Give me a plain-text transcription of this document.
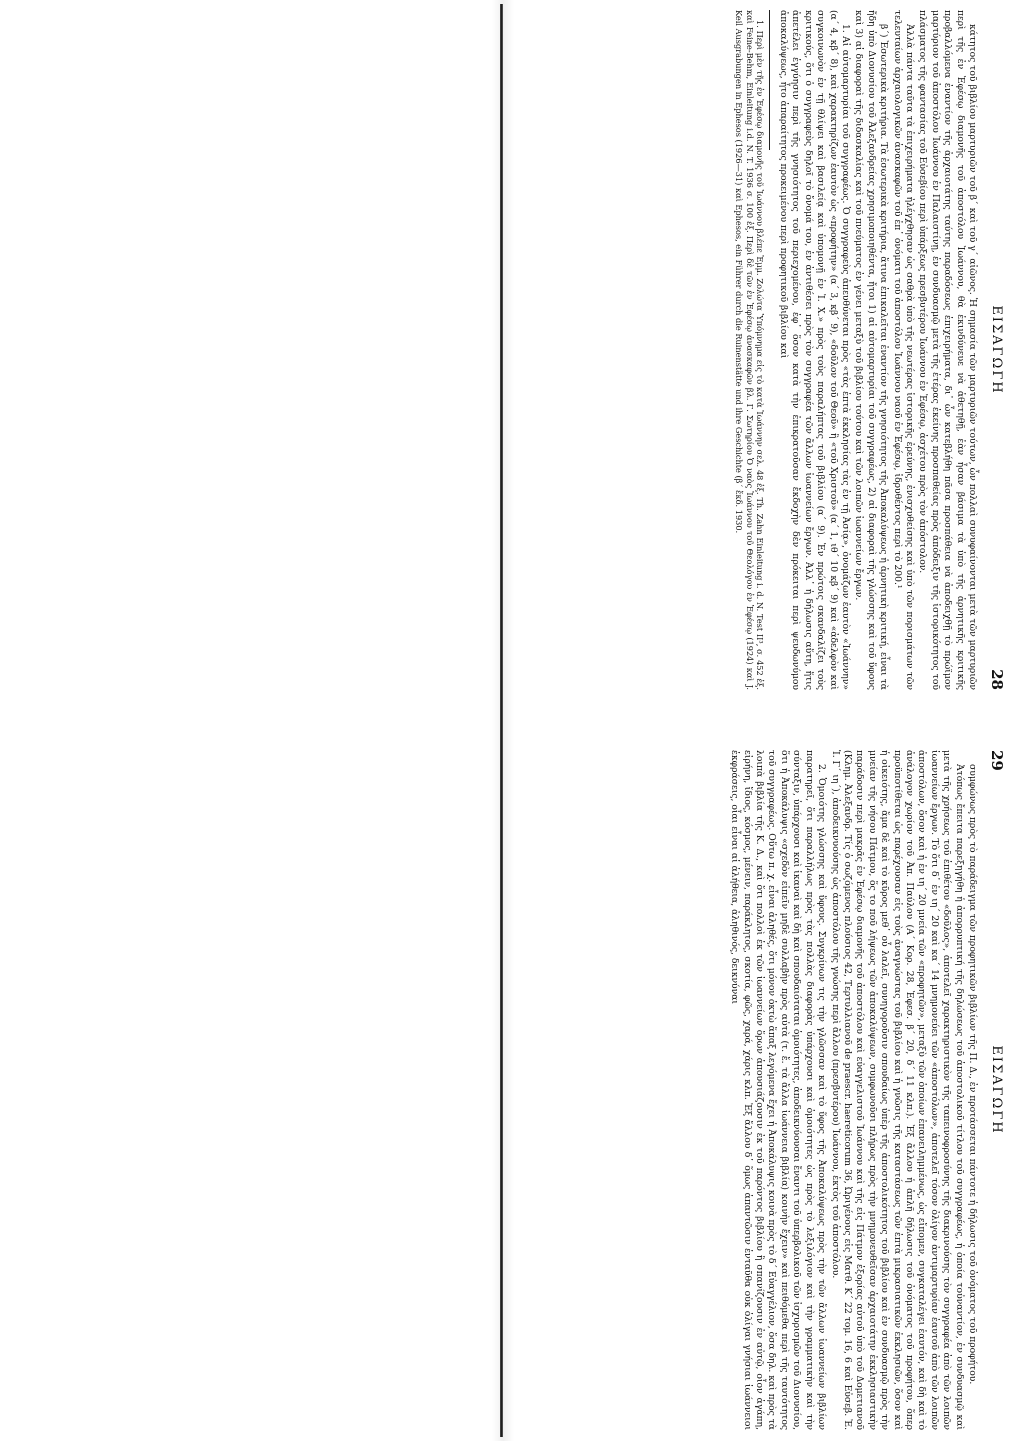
ΕΙΣΑΓΩΓΗ
28

κάτητος τοῦ βιβλίου μαρτυριῶν τοῦ β΄ καὶ τοῦ γ΄ αἰῶνος. Ἡ σημασία τῶν μαρτυριῶν τούτων, ὧν πολλαὶ συνυφαίνονται μετὰ τῶν μαρτυριῶν περὶ τῆς ἐν Ἐφέσῳ διαμονῆς τοῦ ἀποστόλου Ἰωάννου, θὰ ἐκινδύνευε νὰ ἀθετηθῇ, ἐὰν ἦσαν βάσιμα τὰ ὑπὸ τῆς ἀρνητικῆς κριτικῆς προβαλλόμενα ἐναντίον τῆς ἀρχαιοτάτης ταύτης παραδόσεως ἐπιχειρήματα, δι᾽ ὧν κατεβλήθη πᾶσα προσπάθεια νὰ ἀποδειχθῇ τὸ πρώϊμον μαρτύριον τοῦ ἀποστόλου Ἰωάννου ἐν Παλαιστίνῃ, ἐν συνδυασμῷ μετὰ τῆς ἑτέρας ἐκείνης προσπαθείας πρὸς ἀπόδειξιν τῆς ἱστορικότητος τοῦ πλάσματος τῆς φαντασίας τοῦ Εὐσεβίου περὶ ὑπάρξεως πρεσβυτέρου Ἰωάννου ἐν Ἐφέσῳ, ἀσχέτου πρὸς τὸν ἀπόστολον.

Ἀλλὰ πάντα ταῦτα τὰ ἐπιχειρήματα ἠλέγχθησαν ὡς σαθρὰ ὑπὸ τῆς νεωτέρας ἱστορικῆς ἐρεύνης, ἐνισχυθείσης καὶ ὑπὸ τῶν πορισμάτων τῶν τελευταίων ἀρχαιολογικῶν ἀνασκαφῶν τοῦ ἐπ᾽ ὀνόματι τοῦ ἀποστόλου Ἰωάννου ναοῦ ἐν Ἐφέσῳ, ἱδρυθέντος περὶ τὸ 200.¹

β΄) Ἐσωτερικὰ κριτήρια. Τὰ ἐσωτερικὰ κριτήρια, ἅτινα ἐπικαλεῖται ἐναντίον τῆς γνησιότητος τῆς Ἀποκαλύψεως ἡ ἀρνητικὴ κριτική, εἶναι τὰ ἤδη ὑπὸ Διονυσίου τοῦ Ἀλεξανδρείας χρησιμοποιηθέντα, ἤτοι 1) αἱ αὐτομαρτυρίαι τοῦ συγγραφέως, 2) αἱ διαφοραὶ τῆς γλώσσης καὶ τοῦ ὕφους καὶ 3) αἱ διαφοραὶ τῆς διδασκαλίας καὶ τοῦ πνεύματος ἐν γένει μεταξὺ τοῦ βιβλίου τούτου καὶ τῶν λοιπῶν ἰωαννείων ἔργων.

1. Αἱ αὐτομαρτυρίαι τοῦ συγγραφέως. Ὁ συγγραφεὺς ἀπευθύνεται πρὸς «τὰς ἑπτὰ ἐκκλησίας τὰς ἐν τῇ Ἀσίᾳ», ὀνομάζων ἑαυτὸν «Ἰωάννην» (α΄ 4, κβ΄ 8), καὶ χαρακτηρίζων ἑαυτὸν ὡς «προφήτην» (α΄ 3, κβ΄ 9), «δοῦλον τοῦ Θεοῦ» ἢ «τοῦ Χριστοῦ» (α΄ 1, ιθ΄ 10 κβ΄ 9) καὶ «ἀδελφὸν καὶ συγκοινωνὸν ἐν τῇ θλίψει καὶ βασιλείᾳ καὶ ὑπομονῇ ἐν Ἰ. Χ.» πρὸς τοὺς παραλήπτας τοῦ βιβλίου (α΄ 9). Ἐν πρώτοις σκανδαλίζει τοὺς κριτικούς, ὅτι ὁ συγγραφεὺς δηλοῖ τὸ ὄνομά του, ἐν ἀντιθέσει πρὸς τὸν συγγραφέα τῶν ἄλλων ἰωαννείων ἔργων. Ἀλλ᾽ ἡ δήλωσις αὕτη, ἥτις ἀπετέλει ἐγγύησιν περὶ τῆς γνησιότητος τοῦ περιεχομένου, ἐφ᾽ ὅσον κατὰ τὴν ἐπικρατοῦσαν ἔκδοχὴν δὲν πρόκειται περὶ ψευδωνύμου ἀποκαλύψεως, ἦτο ἀπαραίτητος προκειμένου περὶ προφητικοῦ βιβλίου καὶ

1. Περὶ μὲν τῆς ἐν Ἐφέσῳ διαμονῆς τοῦ Ἰωάννου βλέπε Ἐμμ. Ζολώτα Ὑπόμνημα εἰς τὸ κατὰ Ἰωάννην σελ. 48 ἑξ. Th. Zahn Einleitung i. d. N. Test II³, σ. 452 ἑξ. καὶ Feine-Behm, Einleitung i.d. N. T. 1936 σ. 100 ἑξ. Περὶ δὲ τῶν ἐν Ἐφέσῳ ἀνασκαφῶν βλ. Γ. Σωτηρίου Ὁ ναὸς Ἰωάννου τοῦ Θεολόγου ἐν Ἐφέσῳ (1924) καὶ J. Keil Ausgrabungen in Ephesos (1926—31) καὶ Ephesos, ein Führer durch die Ruinenstätte und ihre Geschichte (β΄ ἔκδ. 1930.

29
ΕΙΣΑΓΩΓΗ

συμφώνως πρὸς τὸ παράδειγμα τῶν προφητικῶν βιβλίων τῆς Π. Δ., ἐν προτάσσεται πάντοτε ἡ δήλωσις τοῦ ὀνόματος τοῦ προφήτου.

Ἀτόπως ἔπειτα παρεξηγήθη ἡ ἀπορρυπτική τῆς δηλώσεως τοῦ ἀποστολικοῦ τίτλου τοῦ συγγραφέως, ἡ ὁποία τοὐναντίον, ἐν συνδυασμῷ καὶ μετὰ τῆς χρήσεως τοῦ ἐπιθέτου «δοῦλος», ἀποτελεῖ χαρακτηριστικὸν τῆς ταπεινοφροσύνης τῆς διακρινούσης τὸν συγγραφέα ἀπὸ τῶν λοιπῶν ἰωαννείων ἔργων. Τὸ ὅτι δ᾽ ἐν ιη΄ 20 καὶ κα΄ 14 μνημονεύει τῶν «ἀποστόλων», ἀποτελεῖ τόσον ὀλίγον ἀντιμαρτυρίαν ἑαυτοῦ ἀπὸ τῶν λοιπῶν ἀποστόλων, ὅσον καὶ ἡ ἐν ιη΄ 20 μνεία τῶν «προφητῶν», μεταξὺ τῶν ὁποίων ἐπανειλημμένως, ὡς εἴπομεν, συγκαταλέγει ἑαυτόν, καὶ δὴ καὶ τὸ ἀνάλογον χωρίον τοῦ Ἀπ. Παύλου (Α΄ Κορ. 28, Ἐφεσ. β΄ 20, δ΄ 11 κλπ.). Ἐξ ἄλλου ἡ ἁπλῆ δήλωσις τοῦ ὀνόματος τοῦ προφήτου, ὅπερ προϋποτίθεται ὡς παρέχουσαν εἰς τοὺς ἀναγνώστας τοῦ βιβλίου καὶ ἡ γνῶσις τῆς καταστάσεως τῶν ἑπτὰ μικρασιατικῶν ἐκκλησιῶν, ὅσον καὶ ἡ οἰκειότης, ἅμα δὲ καὶ τὸ κῦρος μεθ᾽ οὗ λαλεῖ, συνηγοροῦσιν σπουδαίως ὑπὲρ τῆς ἀποστολικότητος τοῦ βιβλίου καὶ ἐν συνδυασμῷ πρὸς τὴν μνείαν τῆς νήσου Πάτμου, ὅς το ποῦ λήψεως τῶν ἀποκαλύψεων, συμφωνοῦσι πλήρως πρὸς τὴν μνημονευθεῖσαν ἀρχαιοτάτην ἐκκλησιαστικὴν παράδοσιν περὶ μακρᾶς ἐν Ἐφέσῳ διαμονῆς τοῦ ἀποστόλου καὶ εὐαγγελιστοῦ Ἰωάννου καὶ τῆς εἰς Πάτμον ἐξορίας αὐτοῦ ὑπὸ τοῦ Δομετιανοῦ (Κλημ. Ἀλεξανδρ. Τίς ὁ σωζόμενος πλούσιος 42, Τερτυλλιανοῦ de praescr. haereticorum 36, Ὠριγένους εἰς Ματθ. Κ΄ 22 τομ. 16, 6 καὶ Εὐσεβ. Ἐ. Ἱ. Γ΄ ιη΄), ἀποδεικνυούσης ὡς ἀποστόλου τῆς γνώσης περὶ ἄλλου (πρεσβυτέρου) Ἰωάννου, ἐκτὸς τοῦ ἀποστόλου.

2. Ὁμοιότης γλώσσης καὶ ὕφους. Συγκρίνων τις τὴν γλῶσσαν καὶ τὸ ὕφος τῆς Ἀποκαλύψεως πρὸς τὴν τῶν ἄλλων ἰωαννείων βιβλίων παρατηρεῖ, ὅτι παραλλήλως πρὸς τὰς πολλὰς διαφορὰς ὑπάρχουσι καὶ ὁμοιότητες ὡς πρὸς τὸ λεξιλόγιον καὶ τὴν γραμματικὴν καὶ τὴν σύνταξιν, ὑπάρχουσι καὶ ἱκαναὶ καὶ δὴ καὶ σπουδαιόταται ὁμοιότητες, ἀποδεικνύουσαι ἔναντι τοῦ ὑπερβολικοῦ τῶν ἰσχυρισμῶν τοῦ Διονυσίου, ὅτι ἡ Ἀποκάλυψις «σχεδὸν εἰπεῖν μηδὲ συλλαβὴν πρὸς αὐτὰ (τ. ἔ. τὰ ἄλλα ἰωάννεια βιβλία) κοινὴν ἔχειν» καὶ πειθόμεθα περὶ τῆς ταυτότητος τοῦ συγγραφέως. Οὕτω π. χ. εἶναι ἀληθές, ὅτι μόνον ὀκτὼ ἅπαξ λεγόμενα ἔχει ἡ Ἀποκάλυψις κοινὰ πρὸς τὸ δ΄ Εὐαγγέλιον, ὅσα δηλ. καὶ πρὸς τὰ λοιπὰ βιβλία τῆς Κ. Δ., καὶ ὅτι πολλοὶ ἐκ τῶν ἰωαννείων ὅρων ἀπουσιάζουσιν ἐκ τοῦ παρόντος βιβλίου ἢ σπανίζουσιν ἐν αὐτῷ, οἷον ἀγάπη, εἰρήνη, ἴδιος, κόσμος, μένειν, παράκλητος, σκοτία, φῶς, χαρά, χάρις κλπ. Ἐξ ἄλλου δ᾽ ὅμως ἀπαντῶσιν ἐνταῦθα οὐκ ὀλίγαι γνήσιαι ἰωάννειοι ἐκφράσεις, οἷαι εἶναι αἱ ἀλήθεια, ἀληθινός, δεικνύναι
